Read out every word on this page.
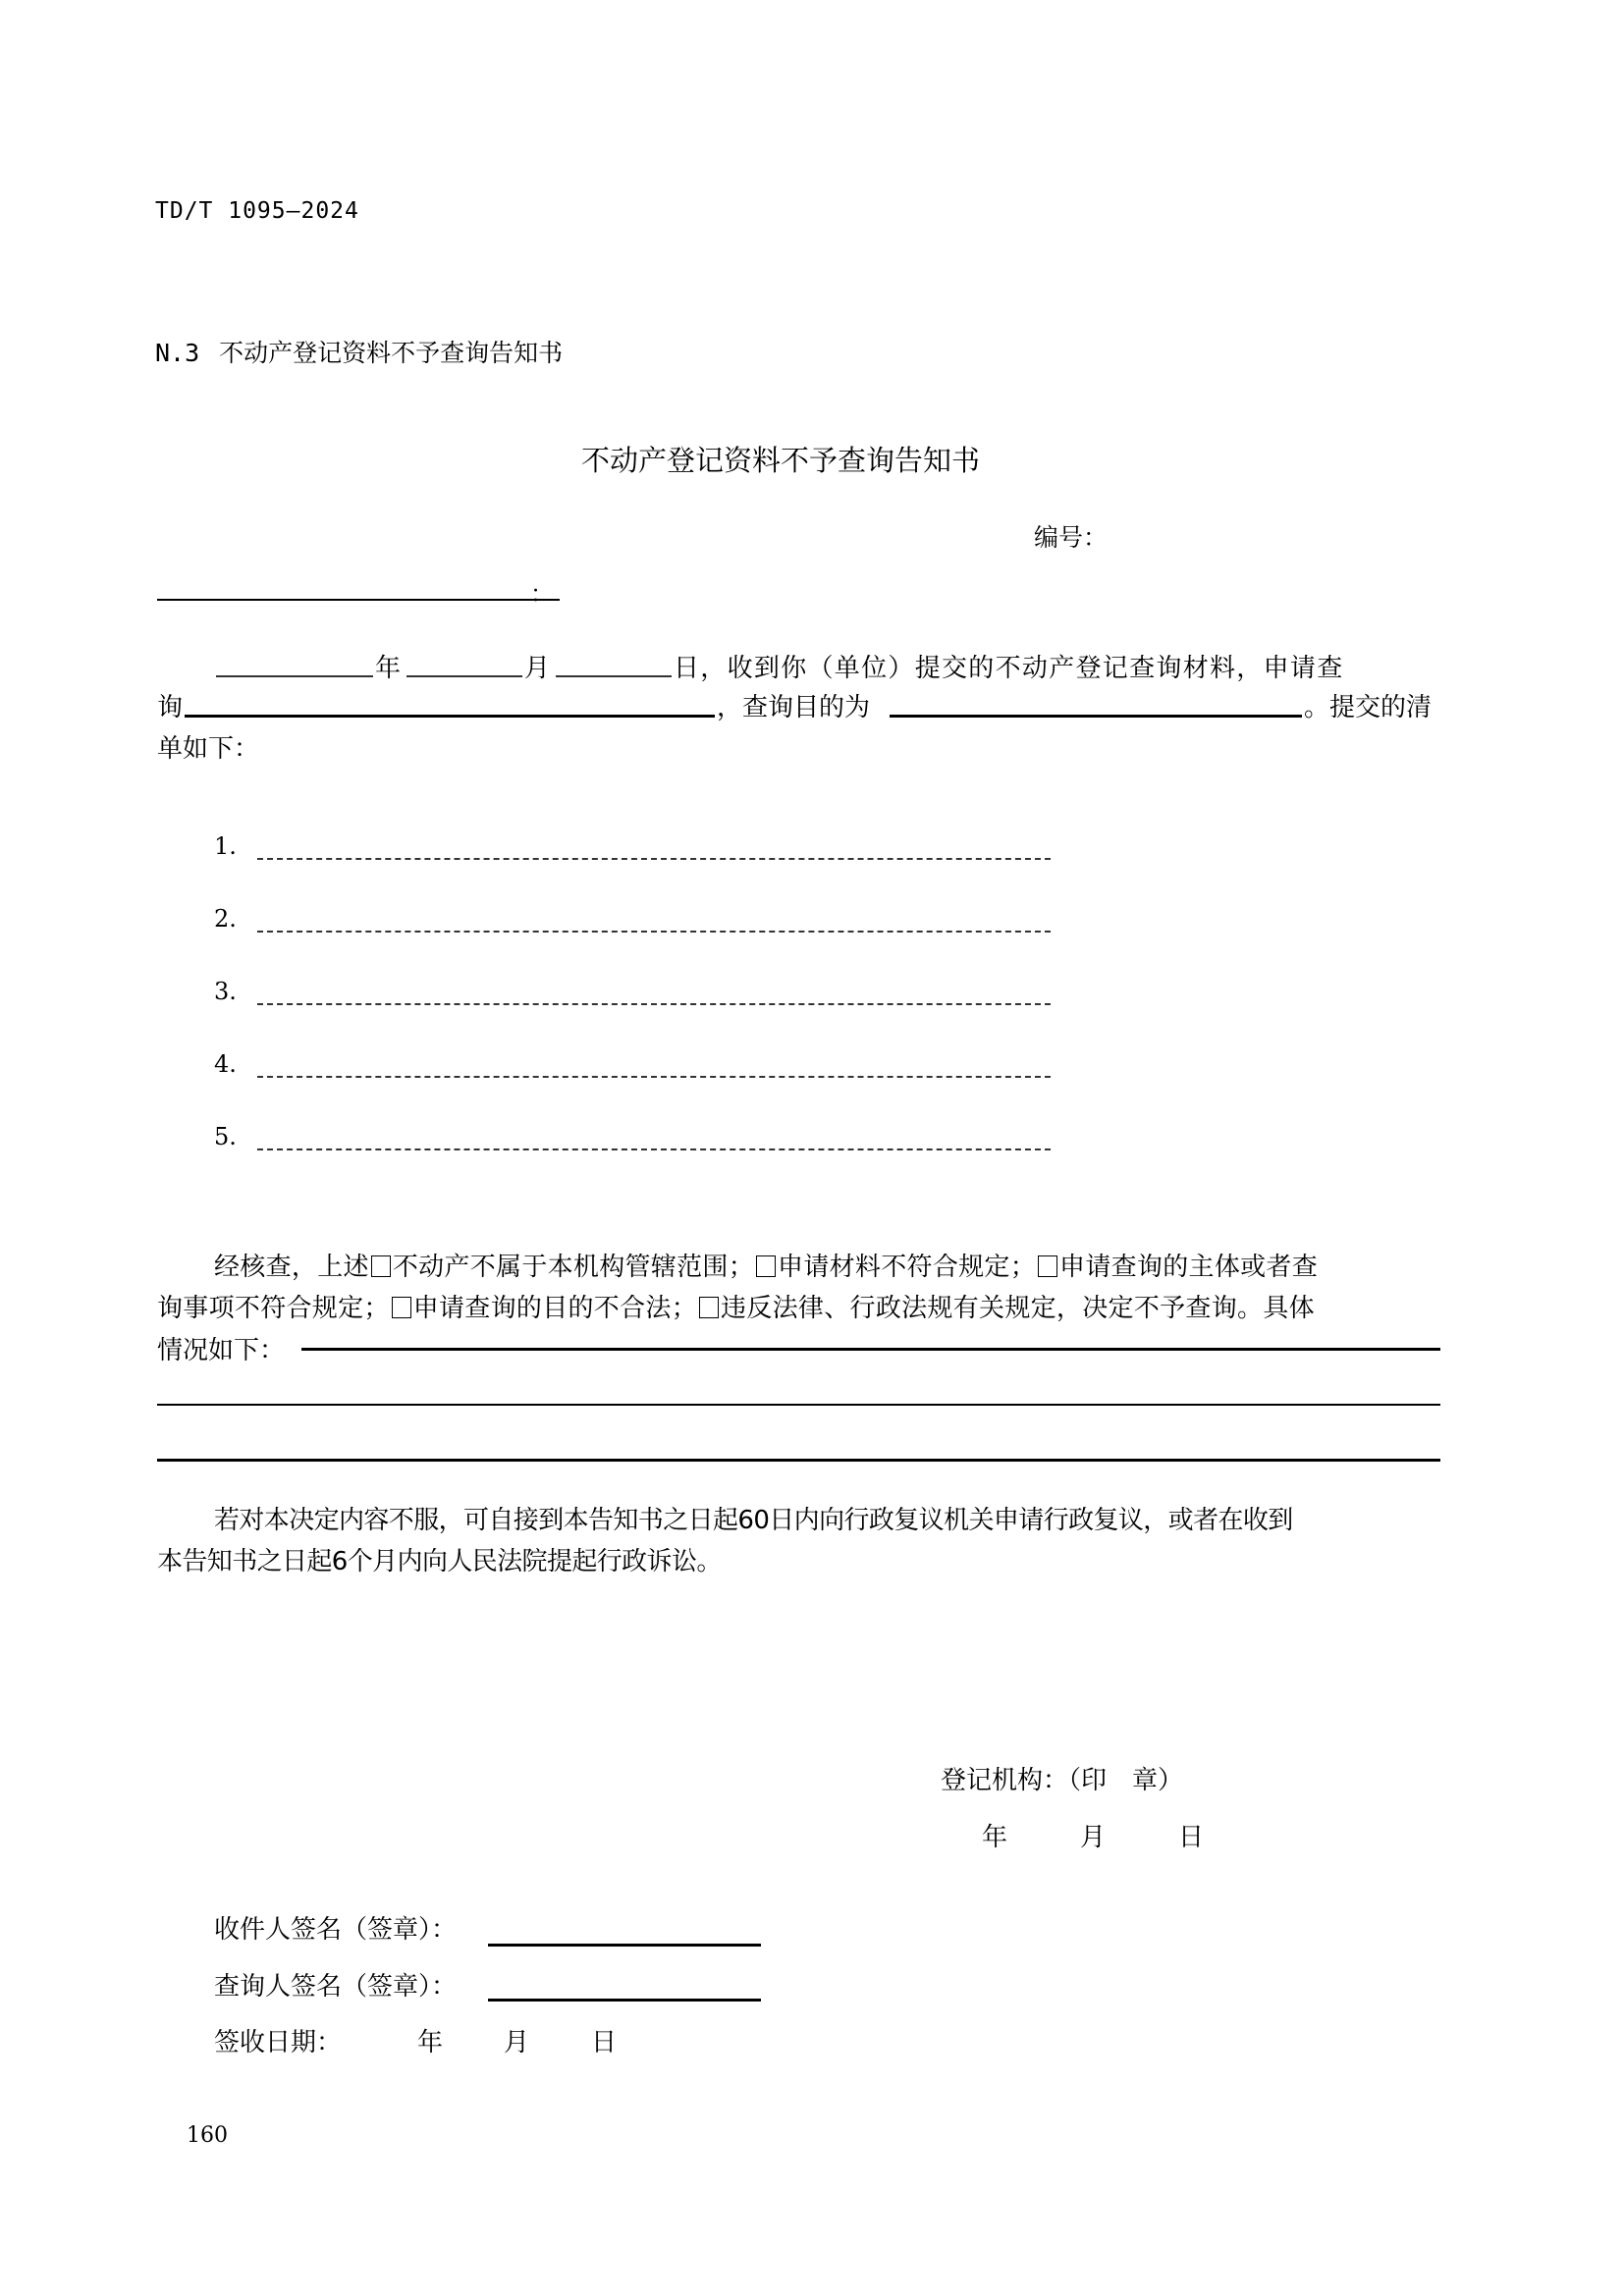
TD/T 1095—2024
N.3 不动产登记资料不予查询告知书
不动产登记资料不予查询告知书
编号：
：
年	月	日，收到你（单位）提交的不动产登记查询材料，申请查
询	，查询目的为	。提交的清
单如下：
1.
2.
3.
4.
5.
经核查，上述 不动产不属于本机构管辖范围； 申请材料不符合规定； 申请查询的主体或者查
询事项不符合规定； 申请查询的目的不合法； 违反法律、行政法规有关规定，决定不予查询。具体
情况如下：
若对本决定内容不服，可自接到本告知书之日起60日内向行政复议机关申请行政复议，或者在收到
本告知书之日起6个月内向人民法院提起行政诉讼。
登记机构：（印　章）
年	月	日
收件人签名（签章）：
查询人签名（签章）：
签收日期：	年 月 日
160
